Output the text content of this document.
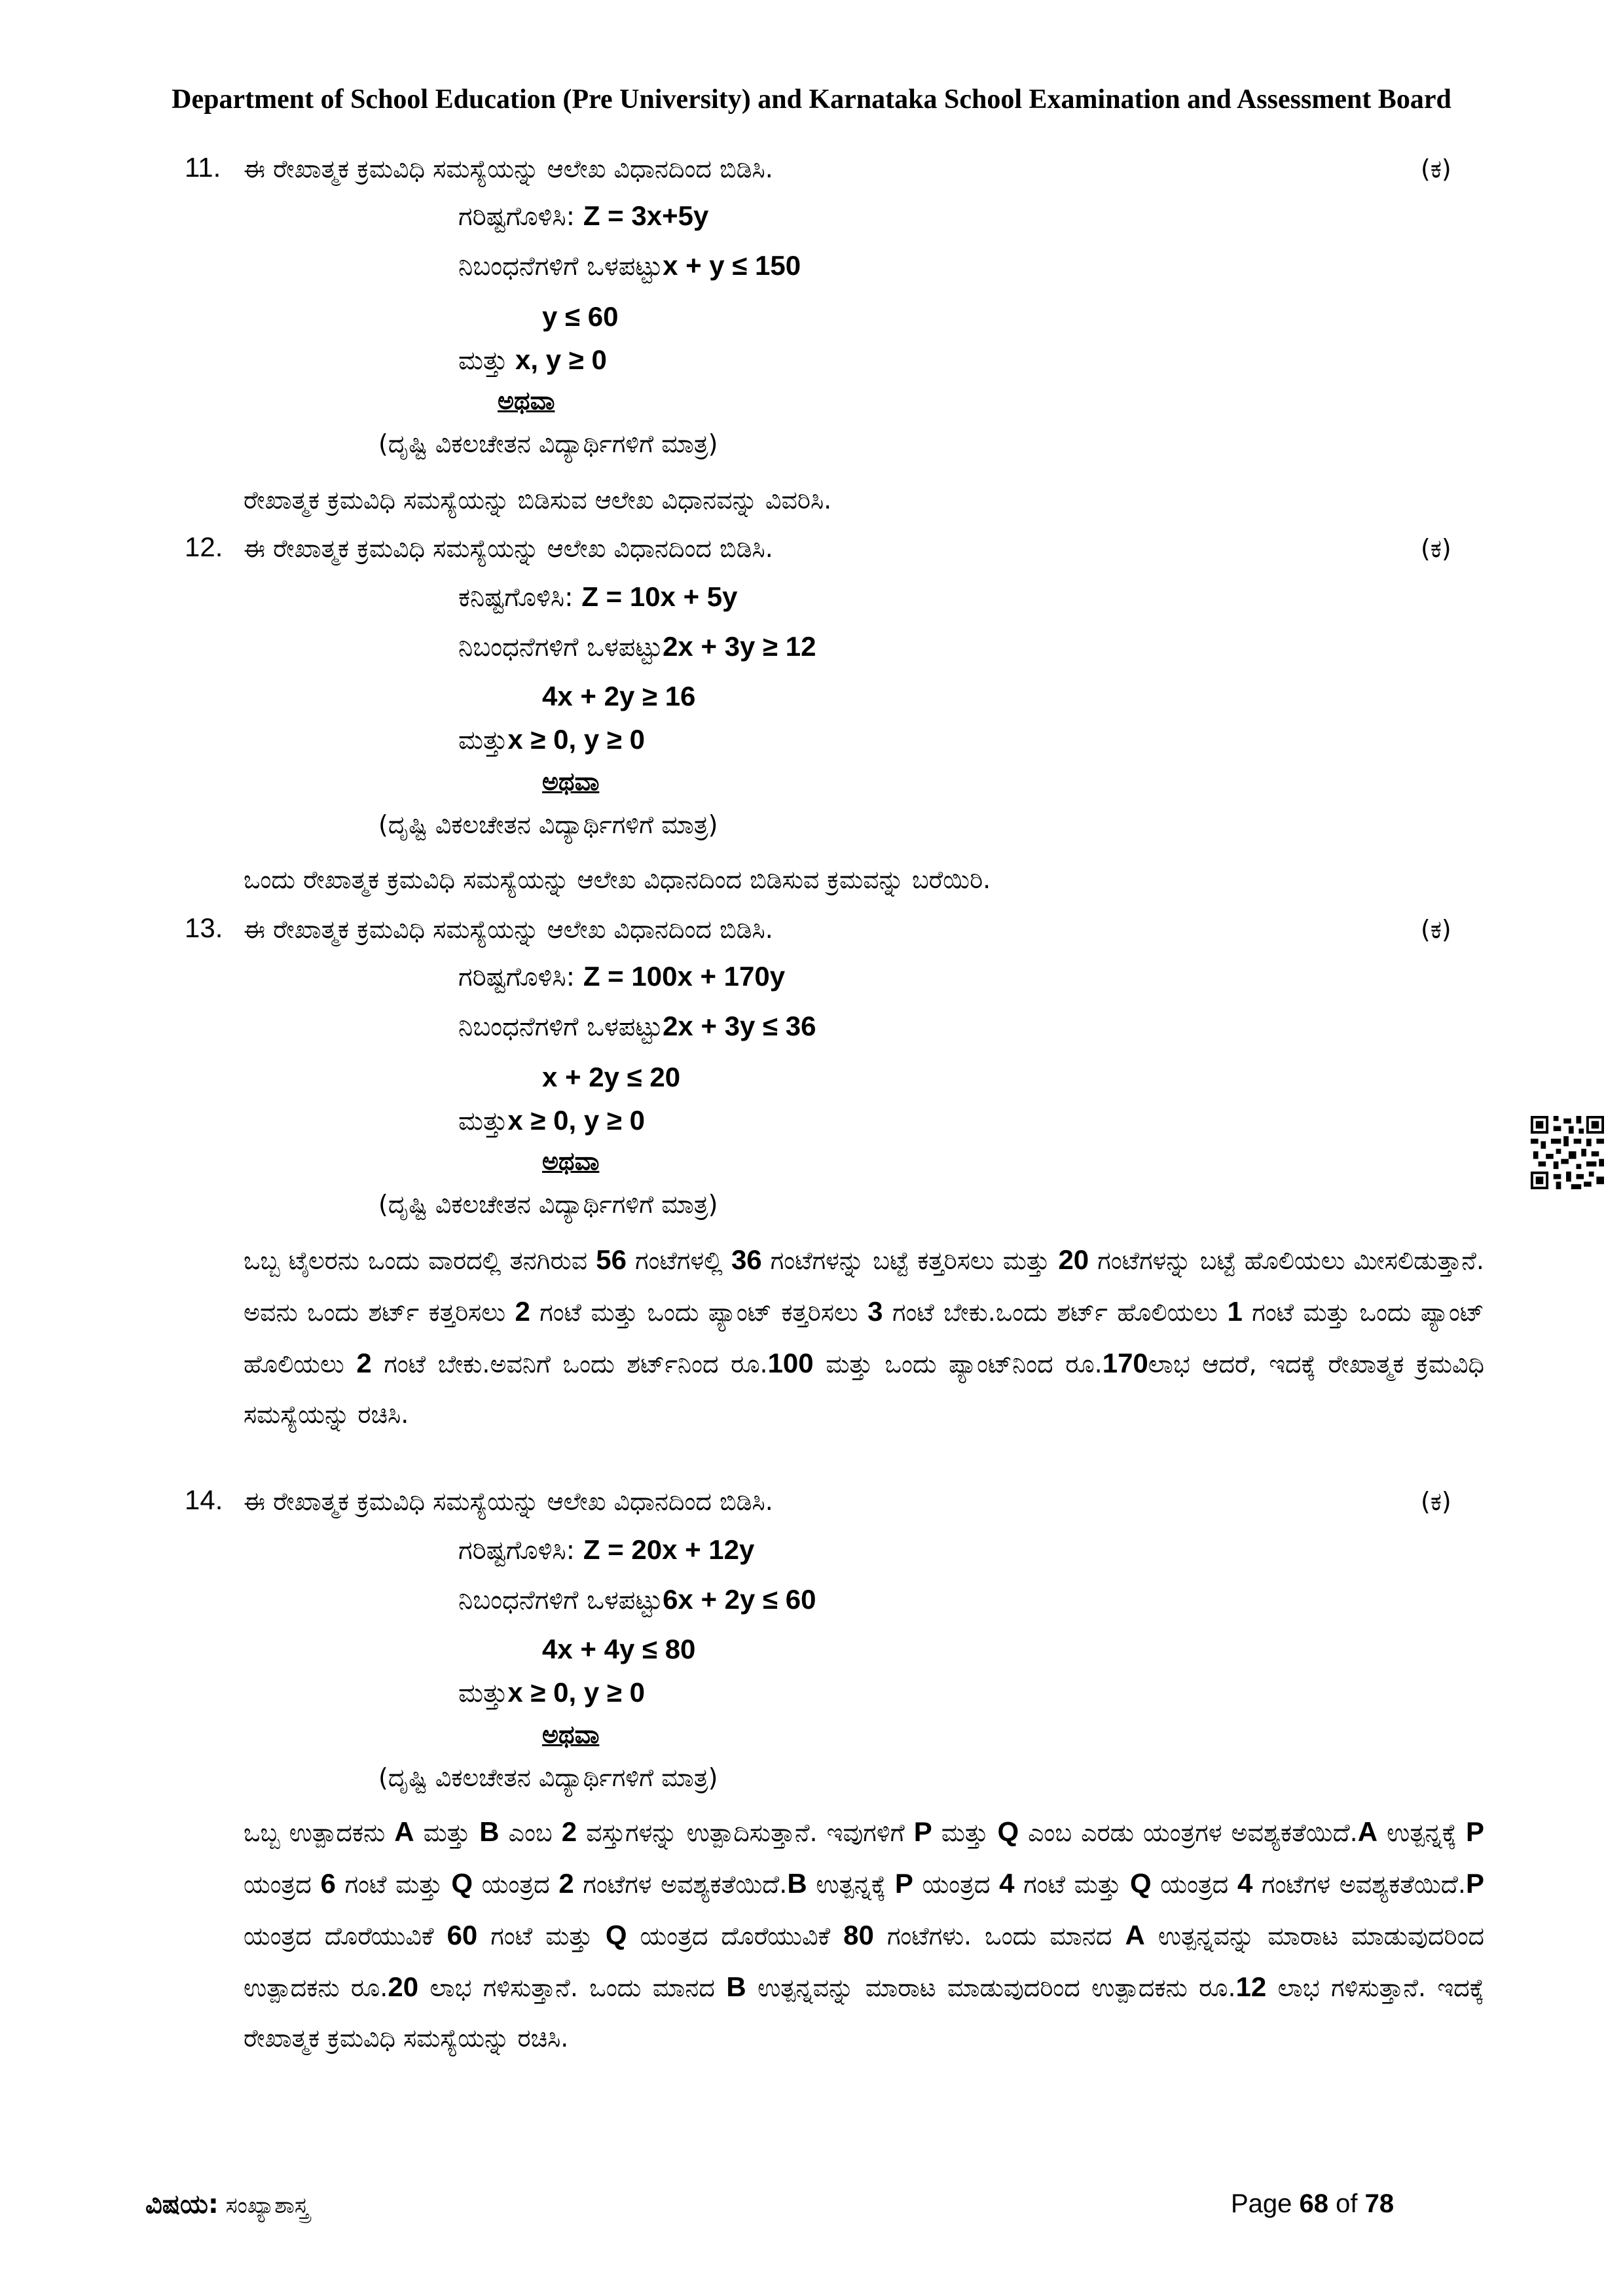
Department of School Education (Pre University) and Karnataka School Examination and Assessment Board
11. ಈ ರೇಖಾತ್ಮಕ ಕ್ರಮವಿಧಿ ಸಮಸ್ಯೆಯನ್ನು ಆಲೇಖ ವಿಧಾನದಿಂದ ಬಿಡಿಸಿ.	(ಕ)
ಗರಿಷ್ಟಗೊಳಿಸಿ: Z = 3x+5y
ನಿಬಂಧನೆಗಳಿಗೆ ಒಳಪಟ್ಟುx + y ≤ 150
y ≤ 60
ಮತ್ತು x, y ≥ 0
ಅಥವಾ
(ದೃಷ್ಟಿ ವಿಕಲಚೇತನ ವಿದ್ಯಾರ್ಥಿಗಳಿಗೆ ಮಾತ್ರ)
ರೇಖಾತ್ಮಕ ಕ್ರಮವಿಧಿ ಸಮಸ್ಯೆಯನ್ನು ಬಿಡಿಸುವ ಆಲೇಖ ವಿಧಾನವನ್ನು ವಿವರಿಸಿ.
12. ಈ ರೇಖಾತ್ಮಕ ಕ್ರಮವಿಧಿ ಸಮಸ್ಯೆಯನ್ನು ಆಲೇಖ ವಿಧಾನದಿಂದ ಬಿಡಿಸಿ.	(ಕ)
ಕನಿಷ್ಟಗೊಳಿಸಿ: Z = 10x + 5y
ನಿಬಂಧನೆಗಳಿಗೆ ಒಳಪಟ್ಟು2x + 3y ≥ 12
4x + 2y ≥ 16
ಮತ್ತುx ≥ 0, y ≥ 0
ಅಥವಾ
(ದೃಷ್ಟಿ ವಿಕಲಚೇತನ ವಿದ್ಯಾರ್ಥಿಗಳಿಗೆ ಮಾತ್ರ)
ಒಂದು ರೇಖಾತ್ಮಕ ಕ್ರಮವಿಧಿ ಸಮಸ್ಯೆಯನ್ನು ಆಲೇಖ ವಿಧಾನದಿಂದ ಬಿಡಿಸುವ ಕ್ರಮವನ್ನು ಬರೆಯಿರಿ.
13. ಈ ರೇಖಾತ್ಮಕ ಕ್ರಮವಿಧಿ ಸಮಸ್ಯೆಯನ್ನು ಆಲೇಖ ವಿಧಾನದಿಂದ ಬಿಡಿಸಿ.	(ಕ)
ಗರಿಷ್ಟಗೊಳಿಸಿ: Z = 100x + 170y
ನಿಬಂಧನೆಗಳಿಗೆ ಒಳಪಟ್ಟು2x + 3y ≤ 36
x + 2y ≤ 20
ಮತ್ತುx ≥ 0, y ≥ 0
ಅಥವಾ
(ದೃಷ್ಟಿ ವಿಕಲಚೇತನ ವಿದ್ಯಾರ್ಥಿಗಳಿಗೆ ಮಾತ್ರ)
ಒಬ್ಬ ಟೈಲರನು ಒಂದು ವಾರದಲ್ಲಿ ತನಗಿರುವ 56 ಗಂಟೆಗಳಲ್ಲಿ 36 ಗಂಟೆಗಳನ್ನು ಬಟ್ಟೆ ಕತ್ತರಿಸಲು ಮತ್ತು 20 ಗಂಟೆಗಳನ್ನು ಬಟ್ಟೆ ಹೊಲಿಯಲು ಮೀಸಲಿಡುತ್ತಾನೆ. ಅವನು ಒಂದು ಶರ್ಟ್ ಕತ್ತರಿಸಲು 2 ಗಂಟೆ ಮತ್ತು ಒಂದು ಪ್ಯಾಂಟ್ ಕತ್ತರಿಸಲು 3 ಗಂಟೆ ಬೇಕು.ಒಂದು ಶರ್ಟ್ ಹೊಲಿಯಲು 1 ಗಂಟೆ ಮತ್ತು ಒಂದು ಪ್ಯಾಂಟ್ ಹೊಲಿಯಲು 2 ಗಂಟೆ ಬೇಕು.ಅವನಿಗೆ ಒಂದು ಶರ್ಟ್‌ನಿಂದ ರೂ.100 ಮತ್ತು ಒಂದು ಪ್ಯಾಂಟ್‌ನಿಂದ ರೂ.170ಲಾಭ ಆದರೆ, ಇದಕ್ಕೆ ರೇಖಾತ್ಮಕ ಕ್ರಮವಿಧಿ ಸಮಸ್ಯೆಯನ್ನು ರಚಿಸಿ.
14. ಈ ರೇಖಾತ್ಮಕ ಕ್ರಮವಿಧಿ ಸಮಸ್ಯೆಯನ್ನು ಆಲೇಖ ವಿಧಾನದಿಂದ ಬಿಡಿಸಿ.	(ಕ)
ಗರಿಷ್ಟಗೊಳಿಸಿ: Z = 20x + 12y
ನಿಬಂಧನೆಗಳಿಗೆ ಒಳಪಟ್ಟು6x + 2y ≤ 60
4x + 4y ≤ 80
ಮತ್ತುx ≥ 0, y ≥ 0
ಅಥವಾ
(ದೃಷ್ಟಿ ವಿಕಲಚೇತನ ವಿದ್ಯಾರ್ಥಿಗಳಿಗೆ ಮಾತ್ರ)
ಒಬ್ಬ ಉತ್ಪಾದಕನು A ಮತ್ತು B ಎಂಬ 2 ವಸ್ತುಗಳನ್ನು ಉತ್ಪಾದಿಸುತ್ತಾನೆ. ಇವುಗಳಿಗೆ P ಮತ್ತು Q ಎಂಬ ಎರಡು ಯಂತ್ರಗಳ ಅವಶ್ಯಕತೆಯಿದೆ.A ಉತ್ಪನ್ನಕ್ಕೆ P ಯಂತ್ರದ 6 ಗಂಟೆ ಮತ್ತು Q ಯಂತ್ರದ 2 ಗಂಟೆಗಳ ಅವಶ್ಯಕತೆಯಿದೆ.B ಉತ್ಪನ್ನಕ್ಕೆ P ಯಂತ್ರದ 4 ಗಂಟೆ ಮತ್ತು Q ಯಂತ್ರದ 4 ಗಂಟೆಗಳ ಅವಶ್ಯಕತೆಯಿದೆ.P ಯಂತ್ರದ ದೊರೆಯುವಿಕೆ 60 ಗಂಟೆ ಮತ್ತು Q ಯಂತ್ರದ ದೊರೆಯುವಿಕೆ 80 ಗಂಟೆಗಳು. ಒಂದು ಮಾನದ A ಉತ್ಪನ್ನವನ್ನು ಮಾರಾಟ ಮಾಡುವುದರಿಂದ ಉತ್ಪಾದಕನು ರೂ.20 ಲಾಭ ಗಳಿಸುತ್ತಾನೆ. ಒಂದು ಮಾನದ B ಉತ್ಪನ್ನವನ್ನು ಮಾರಾಟ ಮಾಡುವುದರಿಂದ ಉತ್ಪಾದಕನು ರೂ.12 ಲಾಭ ಗಳಿಸುತ್ತಾನೆ. ಇದಕ್ಕೆ ರೇಖಾತ್ಮಕ ಕ್ರಮವಿಧಿ ಸಮಸ್ಯೆಯನ್ನು ರಚಿಸಿ.
ವಿಷಯ: ಸಂಖ್ಯಾಶಾಸ್ತ್ರ	Page 68 of 78
